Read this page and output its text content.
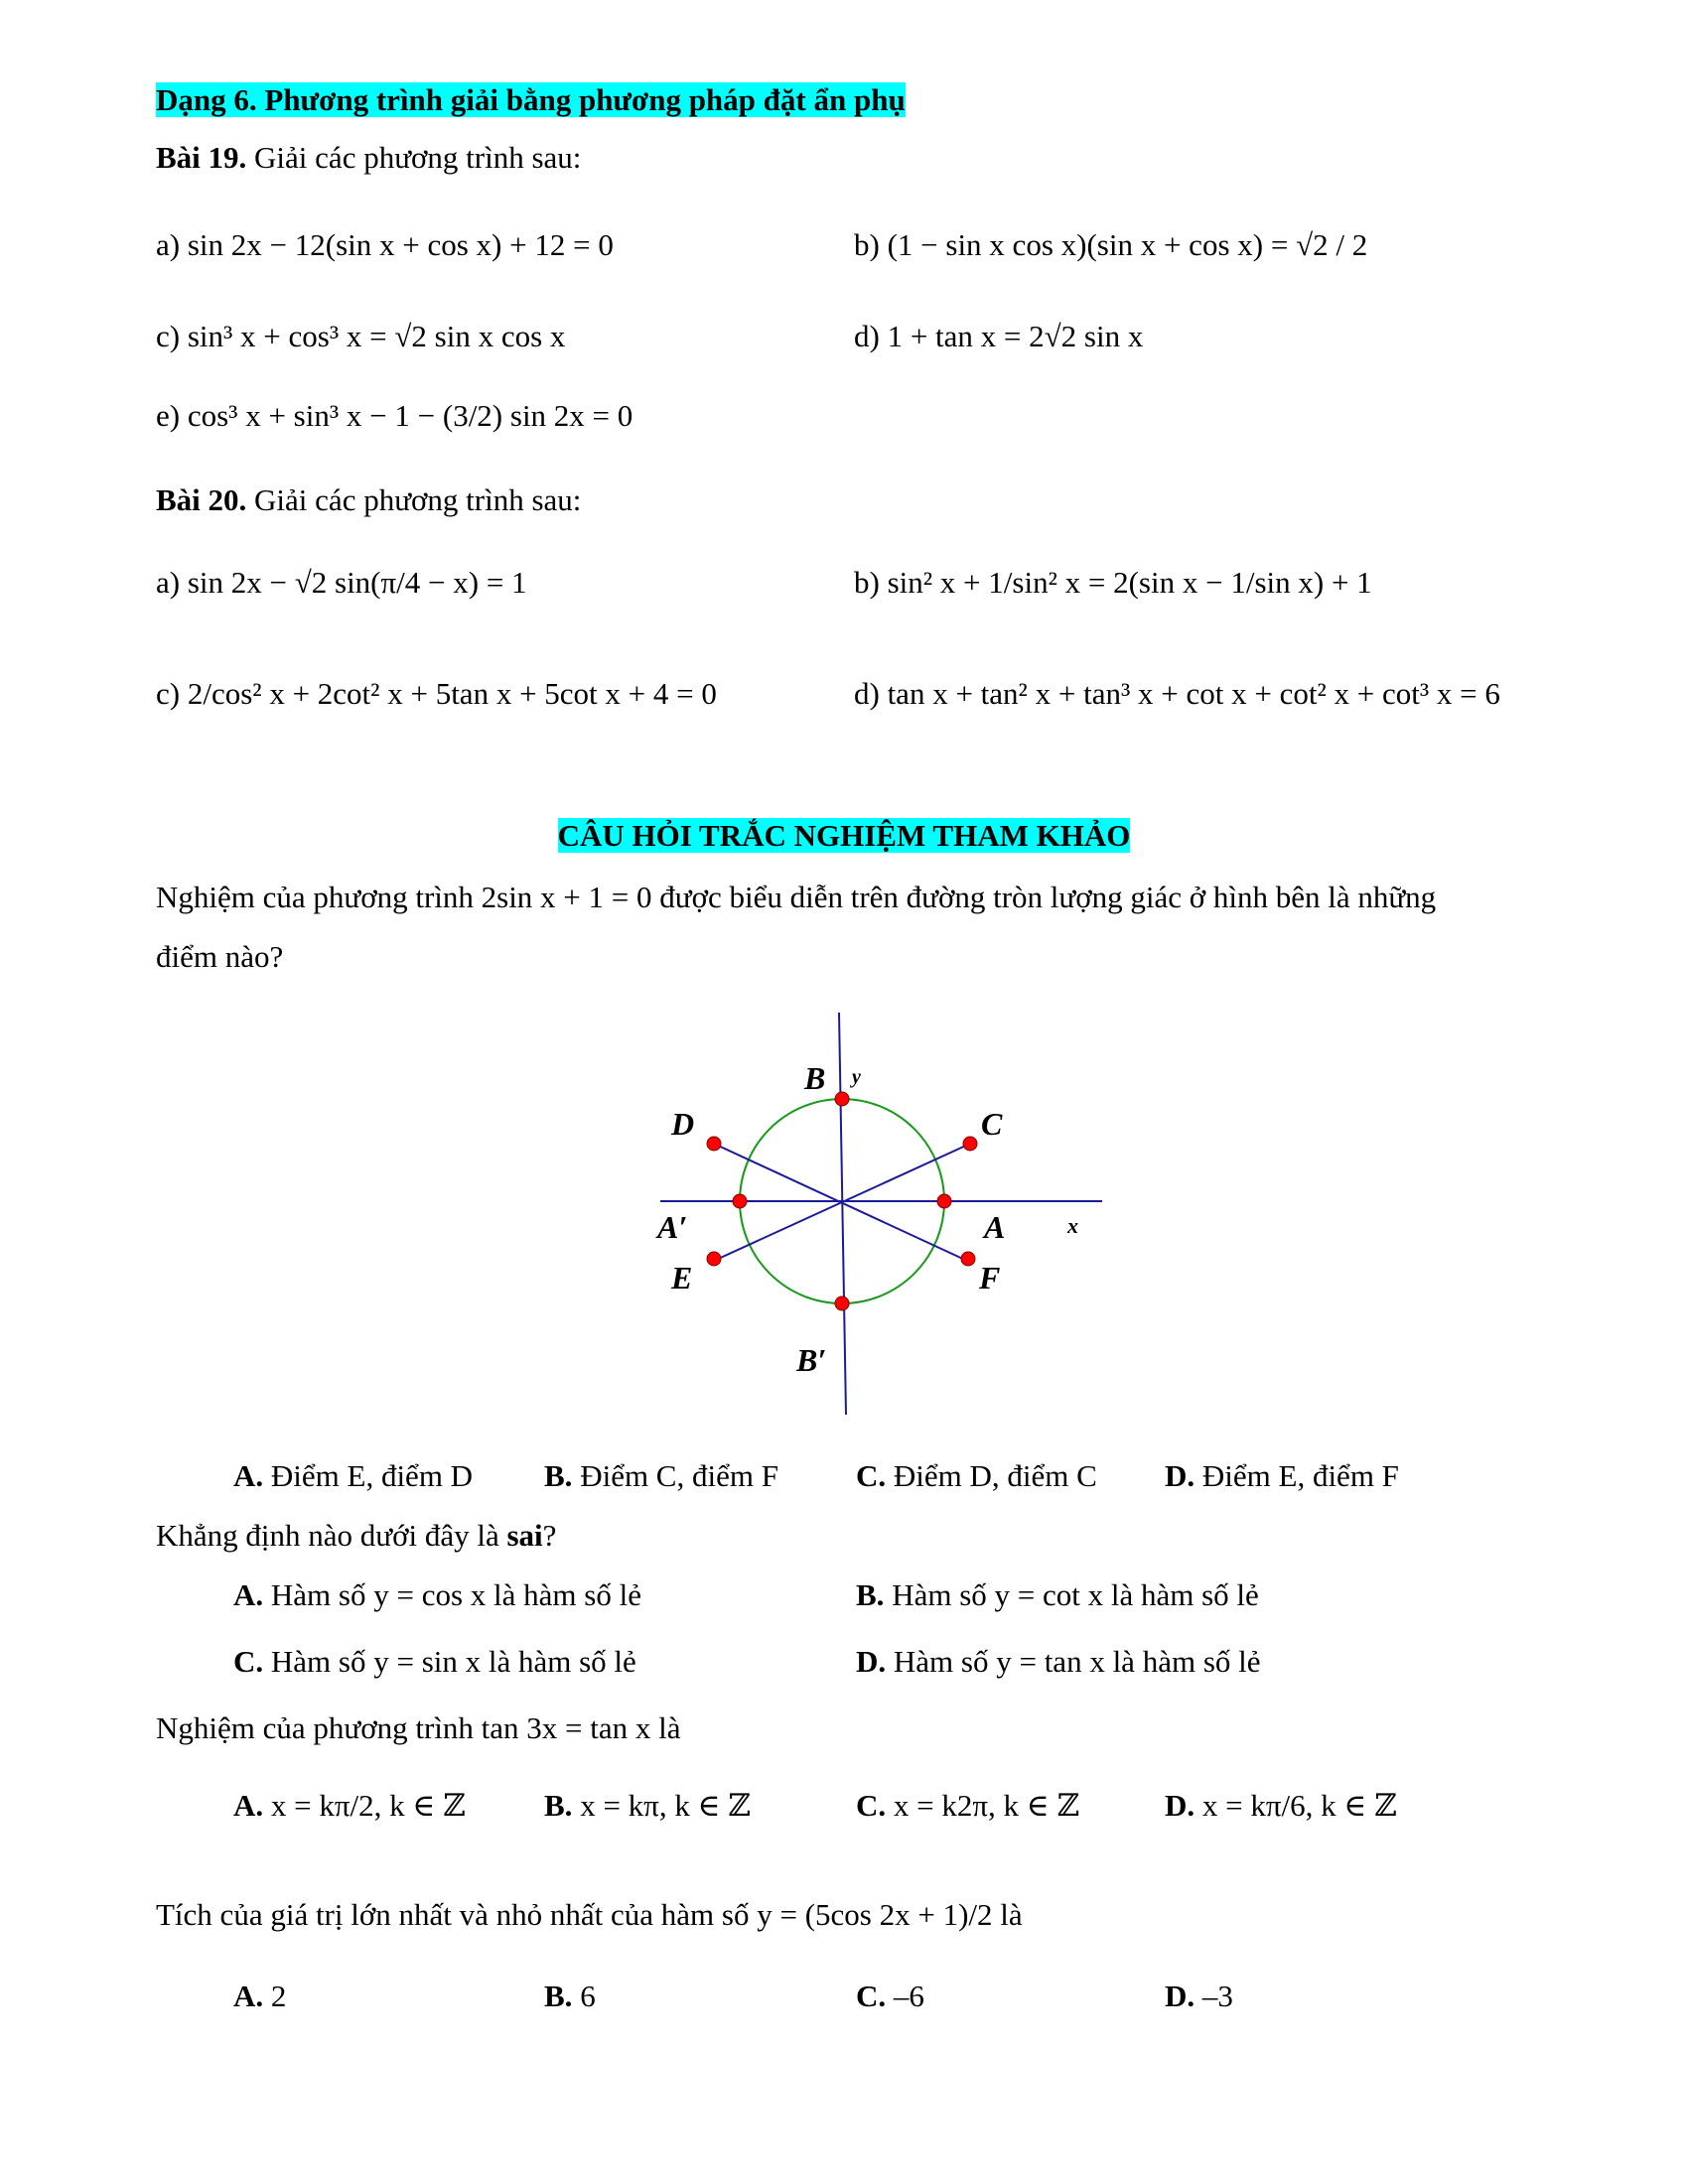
Dạng 6. Phương trình giải bằng phương pháp đặt ẩn phụ
Bài 19. Giải các phương trình sau:
a) sin 2x − 12(sin x + cos x) + 12 = 0	b) (1 − sin x cos x)(sin x + cos x) = √2 / 2
c) sin³ x + cos³ x = √2 sin x cos x	d) 1 + tan x = 2√2 sin x
e) cos³ x + sin³ x − 1 − (3/2) sin 2x = 0
Bài 20. Giải các phương trình sau:
a) sin 2x − √2 sin(π/4 − x) = 1	b) sin² x + 1/sin² x = 2(sin x − 1/sin x) + 1
c) 2/cos² x + 2cot² x + 5tan x + 5cot x + 4 = 0	d) tan x + tan² x + tan³ x + cot x + cot² x + cot³ x = 6
CÂU HỎI TRẮC NGHIỆM THAM KHẢO
Nghiệm của phương trình 2sin x + 1 = 0 được biểu diễn trên đường tròn lượng giác ở hình bên là những
điểm nào?
B y
C
D
A′	A	x
E	F
B′
A. Điểm E, điểm D B. Điểm C, điểm F	C. Điểm D, điểm C D. Điểm E, điểm F
Khẳng định nào dưới đây là sai?
A. Hàm số y = cos x là hàm số lẻ	B. Hàm số y = cot x là hàm số lẻ
C. Hàm số y = sin x là hàm số lẻ	D. Hàm số y = tan x là hàm số lẻ
Nghiệm của phương trình tan 3x = tan x là
A. x = kπ/2, k ∈ ℤ	B. x = kπ, k ∈ ℤ	C. x = k2π, k ∈ ℤ	D. x = kπ/6, k ∈ ℤ
Tích của giá trị lớn nhất và nhỏ nhất của hàm số y = (5cos 2x + 1)/2 là
A. 2	B. 6	C. –6	D. –3
